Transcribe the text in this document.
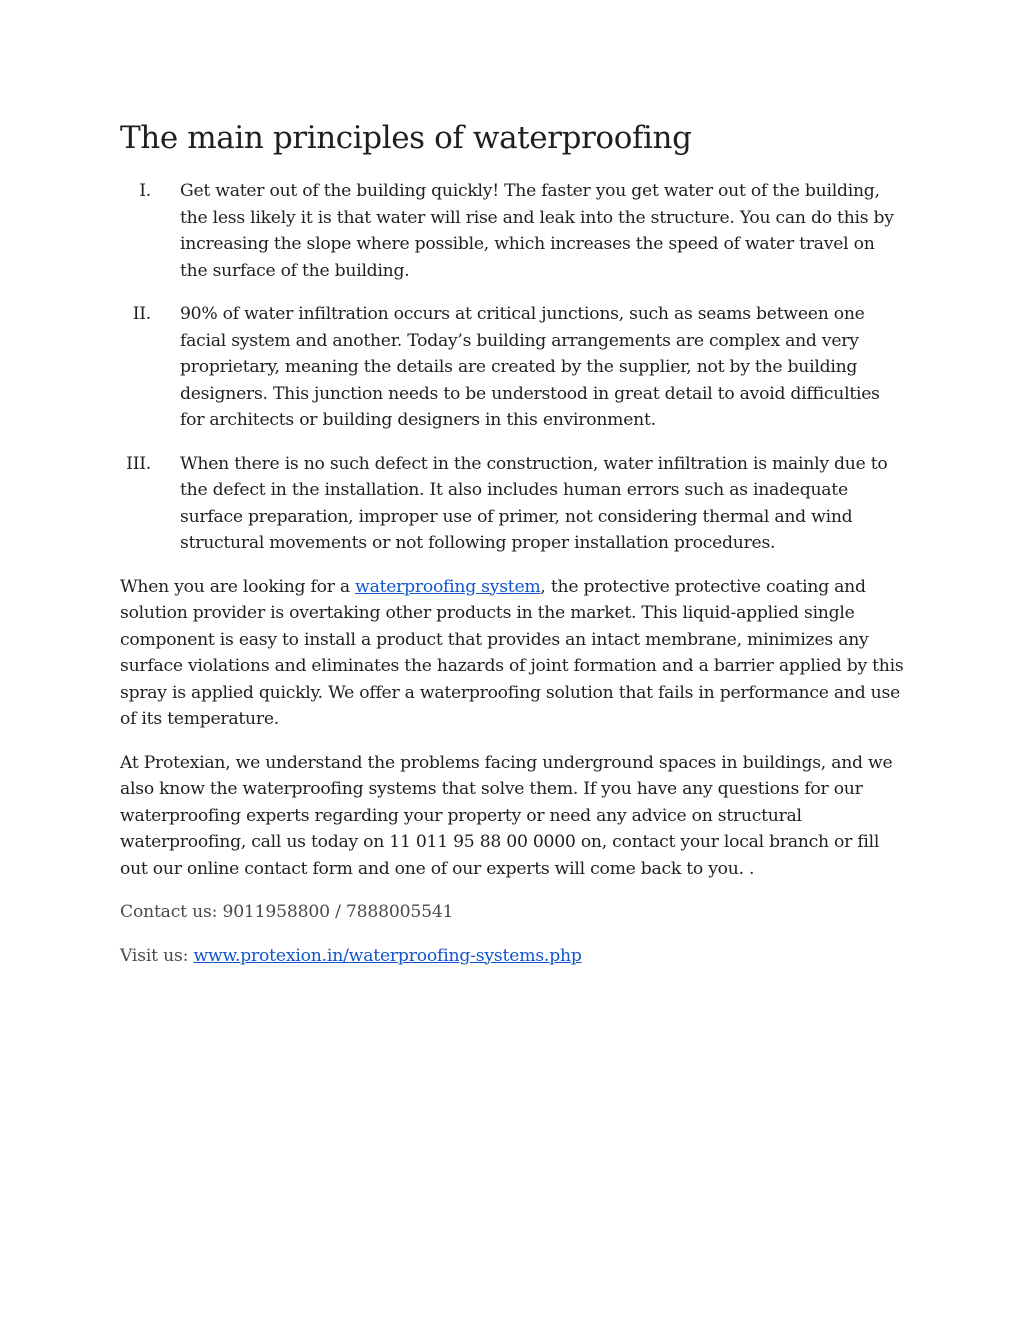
The main principles of waterproofing
I. Get water out of the building quickly! The faster you get water out of the building, the less likely it is that water will rise and leak into the structure. You can do this by increasing the slope where possible, which increases the speed of water travel on the surface of the building.
II. 90% of water infiltration occurs at critical junctions, such as seams between one facial system and another. Today’s building arrangements are complex and very proprietary, meaning the details are created by the supplier, not by the building designers. This junction needs to be understood in great detail to avoid difficulties for architects or building designers in this environment.
III. When there is no such defect in the construction, water infiltration is mainly due to the defect in the installation. It also includes human errors such as inadequate surface preparation, improper use of primer, not considering thermal and wind structural movements or not following proper installation procedures.

When you are looking for a waterproofing system, the protective protective coating and solution provider is overtaking other products in the market. This liquid-applied single component is easy to install a product that provides an intact membrane, minimizes any surface violations and eliminates the hazards of joint formation and a barrier applied by this spray is applied quickly. We offer a waterproofing solution that fails in performance and use of its temperature.

At Protexian, we understand the problems facing underground spaces in buildings, and we also know the waterproofing systems that solve them. If you have any questions for our waterproofing experts regarding your property or need any advice on structural waterproofing, call us today on 11 011 95 88 00 0000 on, contact your local branch or fill out our online contact form and one of our experts will come back to you. .

Contact us: 9011958800 / 7888005541

Visit us: www.protexion.in/waterproofing-systems.php
